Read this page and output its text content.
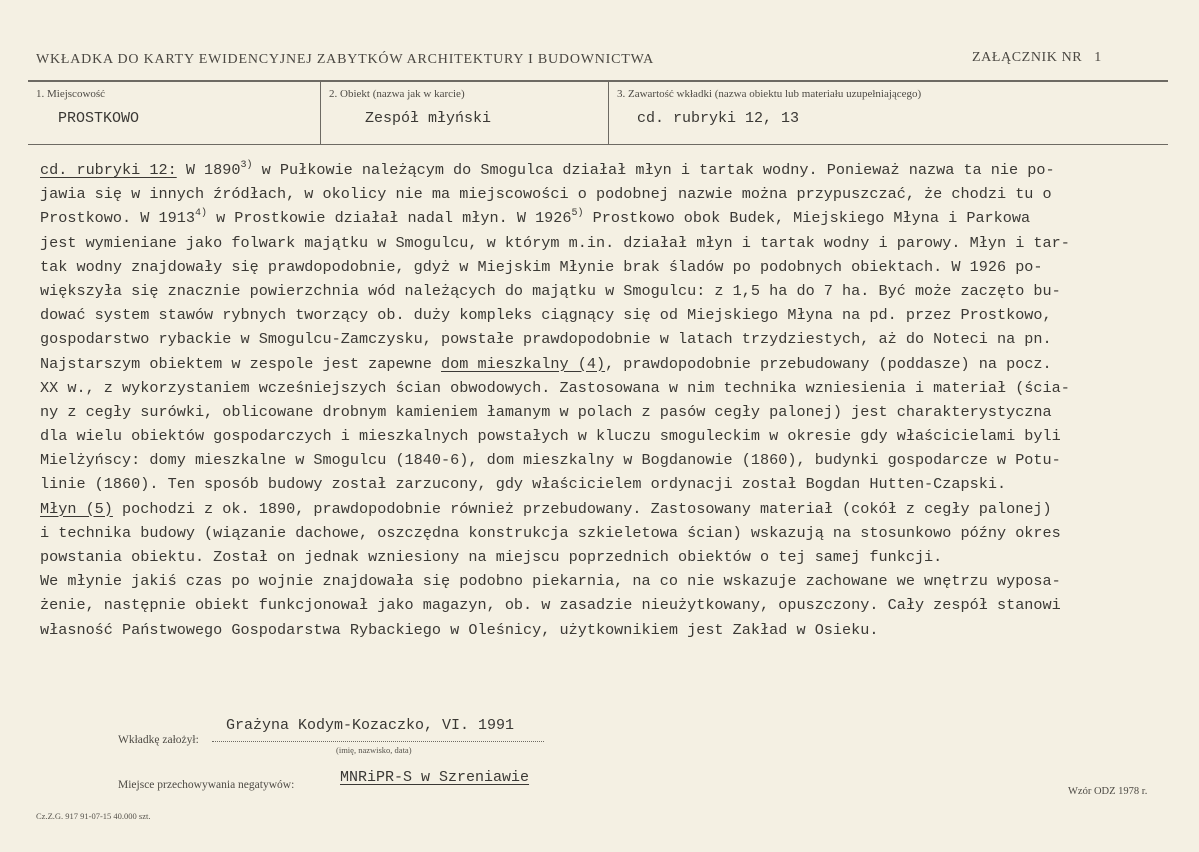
WKŁADKA DO KARTY EWIDENCYJNEJ ZABYTKÓW ARCHITEKTURY I BUDOWNICTWA	ZAŁĄCZNIK NR 1
1. Miejscowość
PROSTKOWO
2. Obiekt (nazwa jak w karcie)
Zespół młyński
3. Zawartość wkładki (nazwa obiektu lub materiału uzupełniającego)
cd. rubryki 12, 13
cd. rubryki 12: W 1890$^{3)}$ w Pułkowie należącym do Smogulca działał młyn i tartak wodny. Ponieważ nazwa ta nie po-
jawia się w innych źródłach, w okolicy nie ma miejscowości o podobnej nazwie można przypuszczać, że chodzi tu o
Prostkowo. W 1913$^{4)}$ w Prostkowie działał nadal młyn. W 1926$^{5)}$ Prostkowo obok Budek, Miejskiego Młyna i Parkowa
jest wymieniane jako folwark majątku w Smogulcu, w którym m.in. działał młyn i tartak wodny i parowy. Młyn i tar-
tak wodny znajdowały się prawdopodobnie, gdyż w Miejskim Młynie brak śladów po podobnych obiektach. W 1926 po-
większyła się znacznie powierzchnia wód należących do majątku w Smogulcu: z 1,5 ha do 7 ha. Być może zaczęto bu-
dować system stawów rybnych tworzący ob. duży kompleks ciągnący się od Miejskiego Młyna na pd. przez Prostkowo,
gospodarstwo rybackie w Smogulcu-Zamczysku, powstałe prawdopodobnie w latach trzydziestych, aż do Noteci na pn.
Najstarszym obiektem w zespole jest zapewne dom mieszkalny (4), prawdopodobnie przebudowany (poddasze) na pocz.
XX w., z wykorzystaniem wcześniejszych ścian obwodowych. Zastosowana w nim technika wzniesienia i materiał (ścia-
ny z cegły surówki, oblicowane drobnym kamieniem łamanym w polach z pasów cegły palonej) jest charakterystyczna
dla wielu obiektów gospodarczych i mieszkalnych powstałych w kluczu smoguleckim w okresie gdy właścicielami byli
Mielżyńscy: domy mieszkalne w Smogulcu (1840-6), dom mieszkalny w Bogdanowie (1860), budynki gospodarcze w Potu-
linie (1860). Ten sposób budowy został zarzucony, gdy właścicielem ordynacji został Bogdan Hutten-Czapski.
Młyn (5) pochodzi z ok. 1890, prawdopodobnie również przebudowany. Zastosowany materiał (cokół z cegły palonej)
i technika budowy (wiązanie dachowe, oszczędna konstrukcja szkieletowa ścian) wskazują na stosunkowo późny okres
powstania obiektu. Został on jednak wzniesiony na miejscu poprzednich obiektów o tej samej funkcji.
We młynie jakiś czas po wojnie znajdowała się podobno piekarnia, na co nie wskazuje zachowane we wnętrzu wyposa-
żenie, następnie obiekt funkcjonował jako magazyn, ob. w zasadzie nieużytkowany, opuszczony. Cały zespół stanowi
własność Państwowego Gospodarstwa Rybackiego w Oleśnicy, użytkownikiem jest Zakład w Osieku.
Wkładkę założył:
Grażyna Kodym-Kozaczko, VI. 1991
(imię, nazwisko, data)
Miejsce przechowywania negatywów:	MNRiPR-S w Szreniawie
Cz.Z.G. 917 91-07-15 40.000 szt.
Wzór ODZ 1978 r.
